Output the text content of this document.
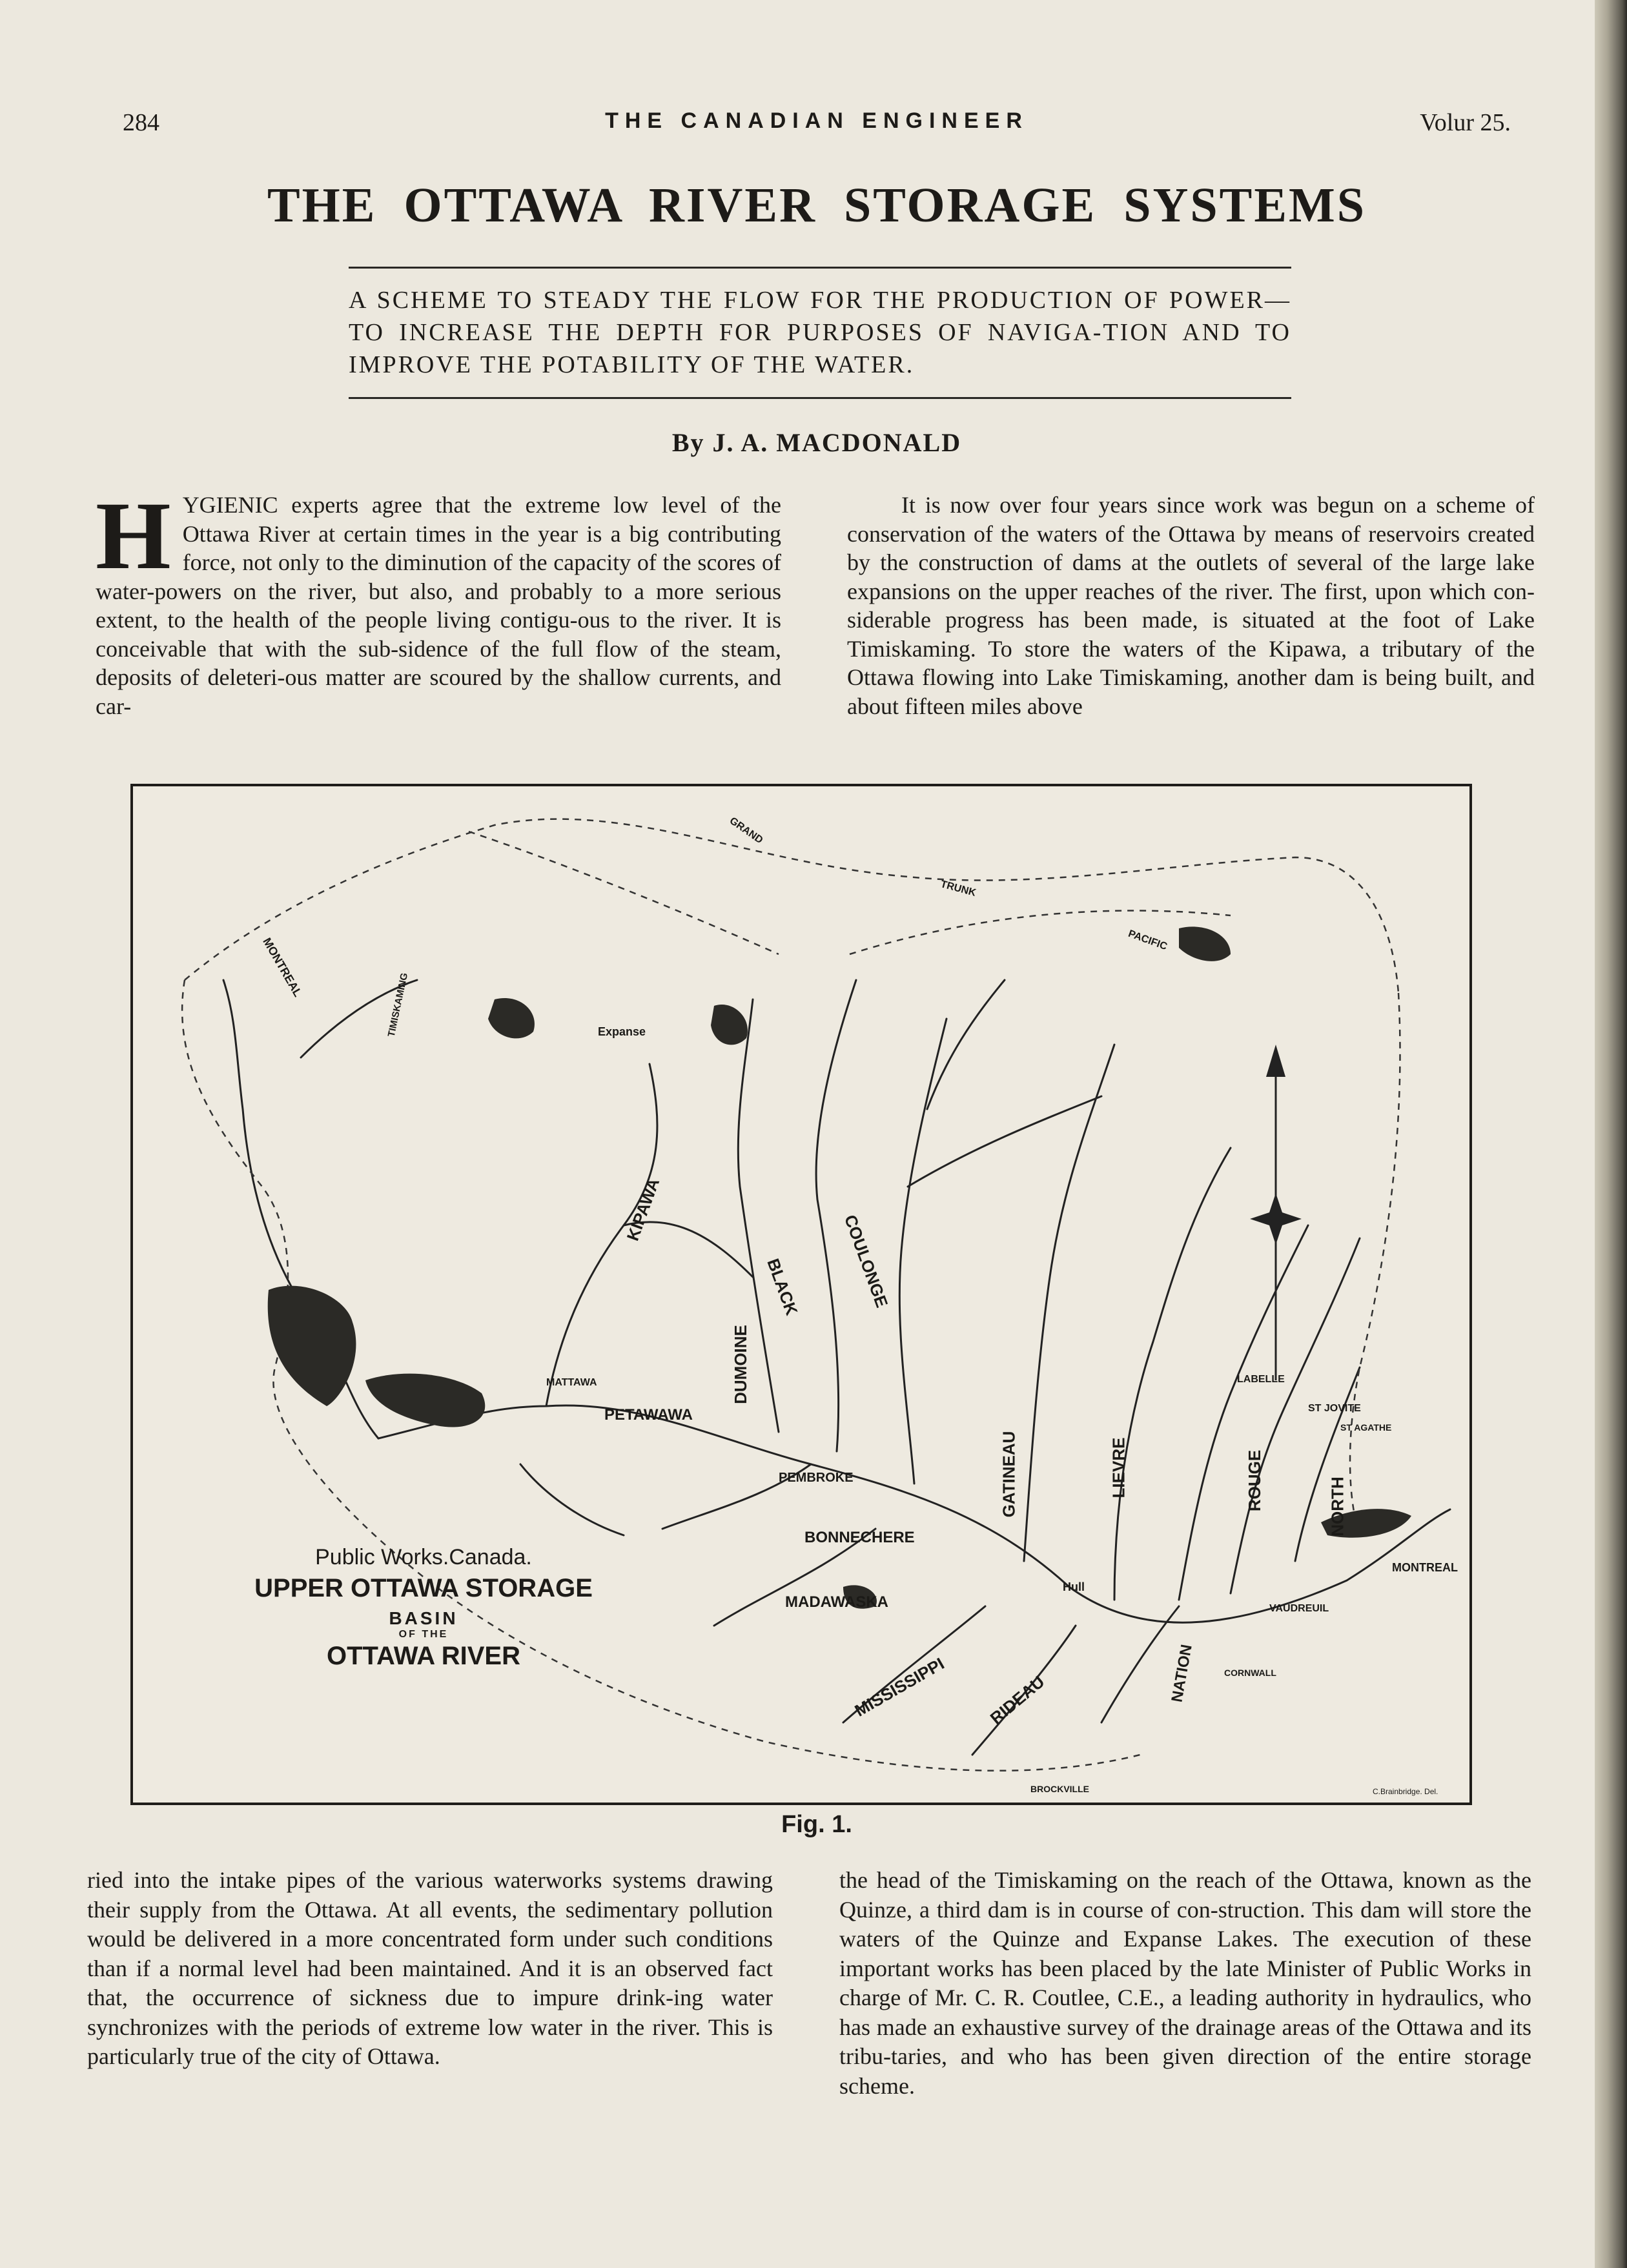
284	THE CANADIAN ENGINEER	Volur 25.
THE OTTAWA RIVER STORAGE SYSTEMS
A SCHEME TO STEADY THE FLOW FOR THE PRODUCTION OF POWER—TO INCREASE THE DEPTH FOR PURPOSES OF NAVIGA-TION AND TO IMPROVE THE POTABILITY OF THE WATER.
By J. A. MACDONALD
H YGIENIC experts agree that the extreme low level of the Ottawa River at certain times in the year is a big contributing force, not only to the diminution of the capacity of the scores of water-powers on the river, but also, and probably to a more serious extent, to the health of the people living contigu-ous to the river. It is conceivable that with the sub-sidence of the full flow of the steam, deposits of deleteri-ous matter are scoured by the shallow currents, and car-

It is now over four years since work was begun on a scheme of conservation of the waters of the Ottawa by means of reservoirs created by the construction of dams at the outlets of several of the large lake expansions on the upper reaches of the river. The first, upon which con-siderable progress has been made, is situated at the foot of Lake Timiskaming. To store the waters of the Kipawa, a tributary of the Ottawa flowing into Lake Timiskaming, another dam is being built, and about fifteen miles above

TIMISKAMING
KIPAWA
DUMOINE
BLACK COULONGE
GATINEAU	LIEVRE	ROUGE	NORTH
PETAWAWA
MATTAWA
PEMBROKE
BONNECHERE
MADAWASKA
MISSISSIPPI RIDEAU	NATION
Hull
MONTREAL
BROCKVILLE
CORNWALL
VAUDREUIL
LABELLE
ST JOVITE
ST AGATHE
GRAND
TRUNK
PACIFIC
Expanse
MONTREAL
Public Works.Canada.
UPPER OTTAWA STORAGE
BASIN
OF THE
OTTAWA RIVER
C.Brainbridge. Del.
Fig. 1.

ried into the intake pipes of the various waterworks systems drawing their supply from the Ottawa. At all events, the sedimentary pollution would be delivered in a more concentrated form under such conditions than if a normal level had been maintained. And it is an observed fact that, the occurrence of sickness due to impure drink-ing water synchronizes with the periods of extreme low water in the river. This is particularly true of the city of Ottawa.

the head of the Timiskaming on the reach of the Ottawa, known as the Quinze, a third dam is in course of con-struction. This dam will store the waters of the Quinze and Expanse Lakes. The execution of these important works has been placed by the late Minister of Public Works in charge of Mr. C. R. Coutlee, C.E., a leading authority in hydraulics, who has made an exhaustive survey of the drainage areas of the Ottawa and its tribu-taries, and who has been given direction of the entire storage scheme.
